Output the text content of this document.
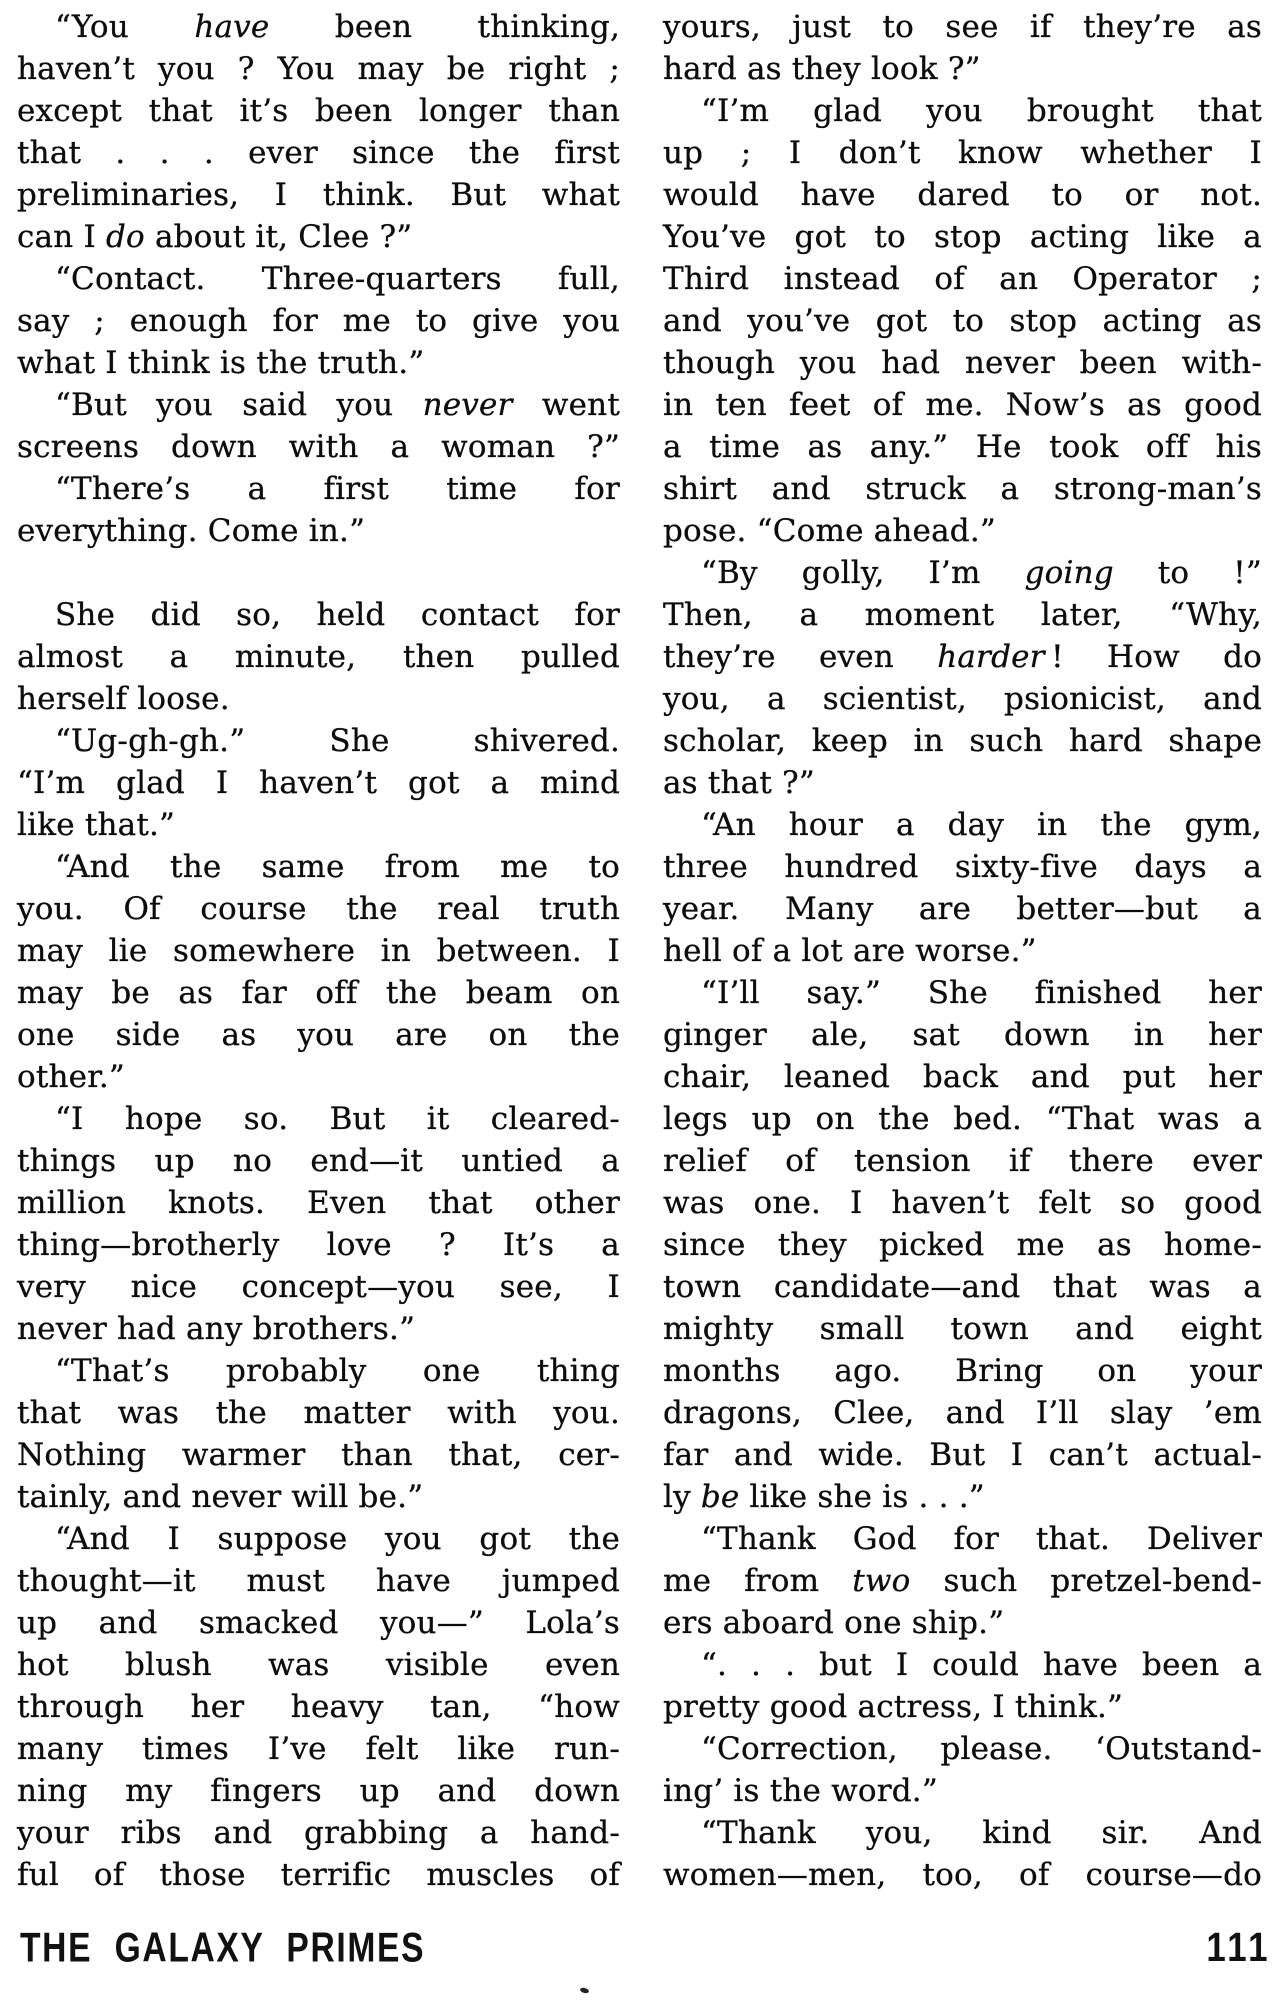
“You have been thinking,
haven’t you ? You may be right ;
except that it’s been longer than
that . . . ever since the first
preliminaries, I think. But what
can I do about it, Clee ?”
“Contact. Three-quarters full,
say ; enough for me to give you
what I think is the truth.”
“But you said you never went
screens down with a woman ?”
“There’s a first time for
everything. Come in.”
She did so, held contact for
almost a minute, then pulled
herself loose.
“Ug-gh-gh.” She shivered.
“I’m glad I haven’t got a mind
like that.”
“And the same from me to
you. Of course the real truth
may lie somewhere in between. I
may be as far off the beam on
one side as you are on the
other.”
“I hope so. But it cleared-
things up no end—it untied a
million knots. Even that other
thing—brotherly love ? It’s a
very nice concept—you see, I
never had any brothers.”
“That’s probably one thing
that was the matter with you.
Nothing warmer than that, cer-
tainly, and never will be.”
“And I suppose you got the
thought—it must have jumped
up and smacked you—” Lola’s
hot blush was visible even
through her heavy tan, “how
many times I’ve felt like run-
ning my fingers up and down
your ribs and grabbing a hand-
ful of those terrific muscles of
yours, just to see if they’re as
hard as they look ?”
“I’m glad you brought that
up ; I don’t know whether I
would have dared to or not.
You’ve got to stop acting like a
Third instead of an Operator ;
and you’ve got to stop acting as
though you had never been with-
in ten feet of me. Now’s as good
a time as any.” He took off his
shirt and struck a strong-man’s
pose. “Come ahead.”
“By golly, I’m going to !”
Then, a moment later, “Why,
they’re even harder ! How do
you, a scientist, psionicist, and
scholar, keep in such hard shape
as that ?”
“An hour a day in the gym,
three hundred sixty-five days a
year. Many are better—but a
hell of a lot are worse.”
“I’ll say.” She finished her
ginger ale, sat down in her
chair, leaned back and put her
legs up on the bed. “That was a
relief of tension if there ever
was one. I haven’t felt so good
since they picked me as home-
town candidate—and that was a
mighty small town and eight
months ago. Bring on your
dragons, Clee, and I’ll slay ’em
far and wide. But I can’t actual-
ly be like she is . . .”
“Thank God for that. Deliver
me from two such pretzel-bend-
ers aboard one ship.”
“. . . but I could have been a
pretty good actress, I think.”
“Correction, please. ‘Outstand-
ing’ is the word.”
“Thank you, kind sir. And
women—men, too, of course—do
THE GALAXY PRIMES	111
